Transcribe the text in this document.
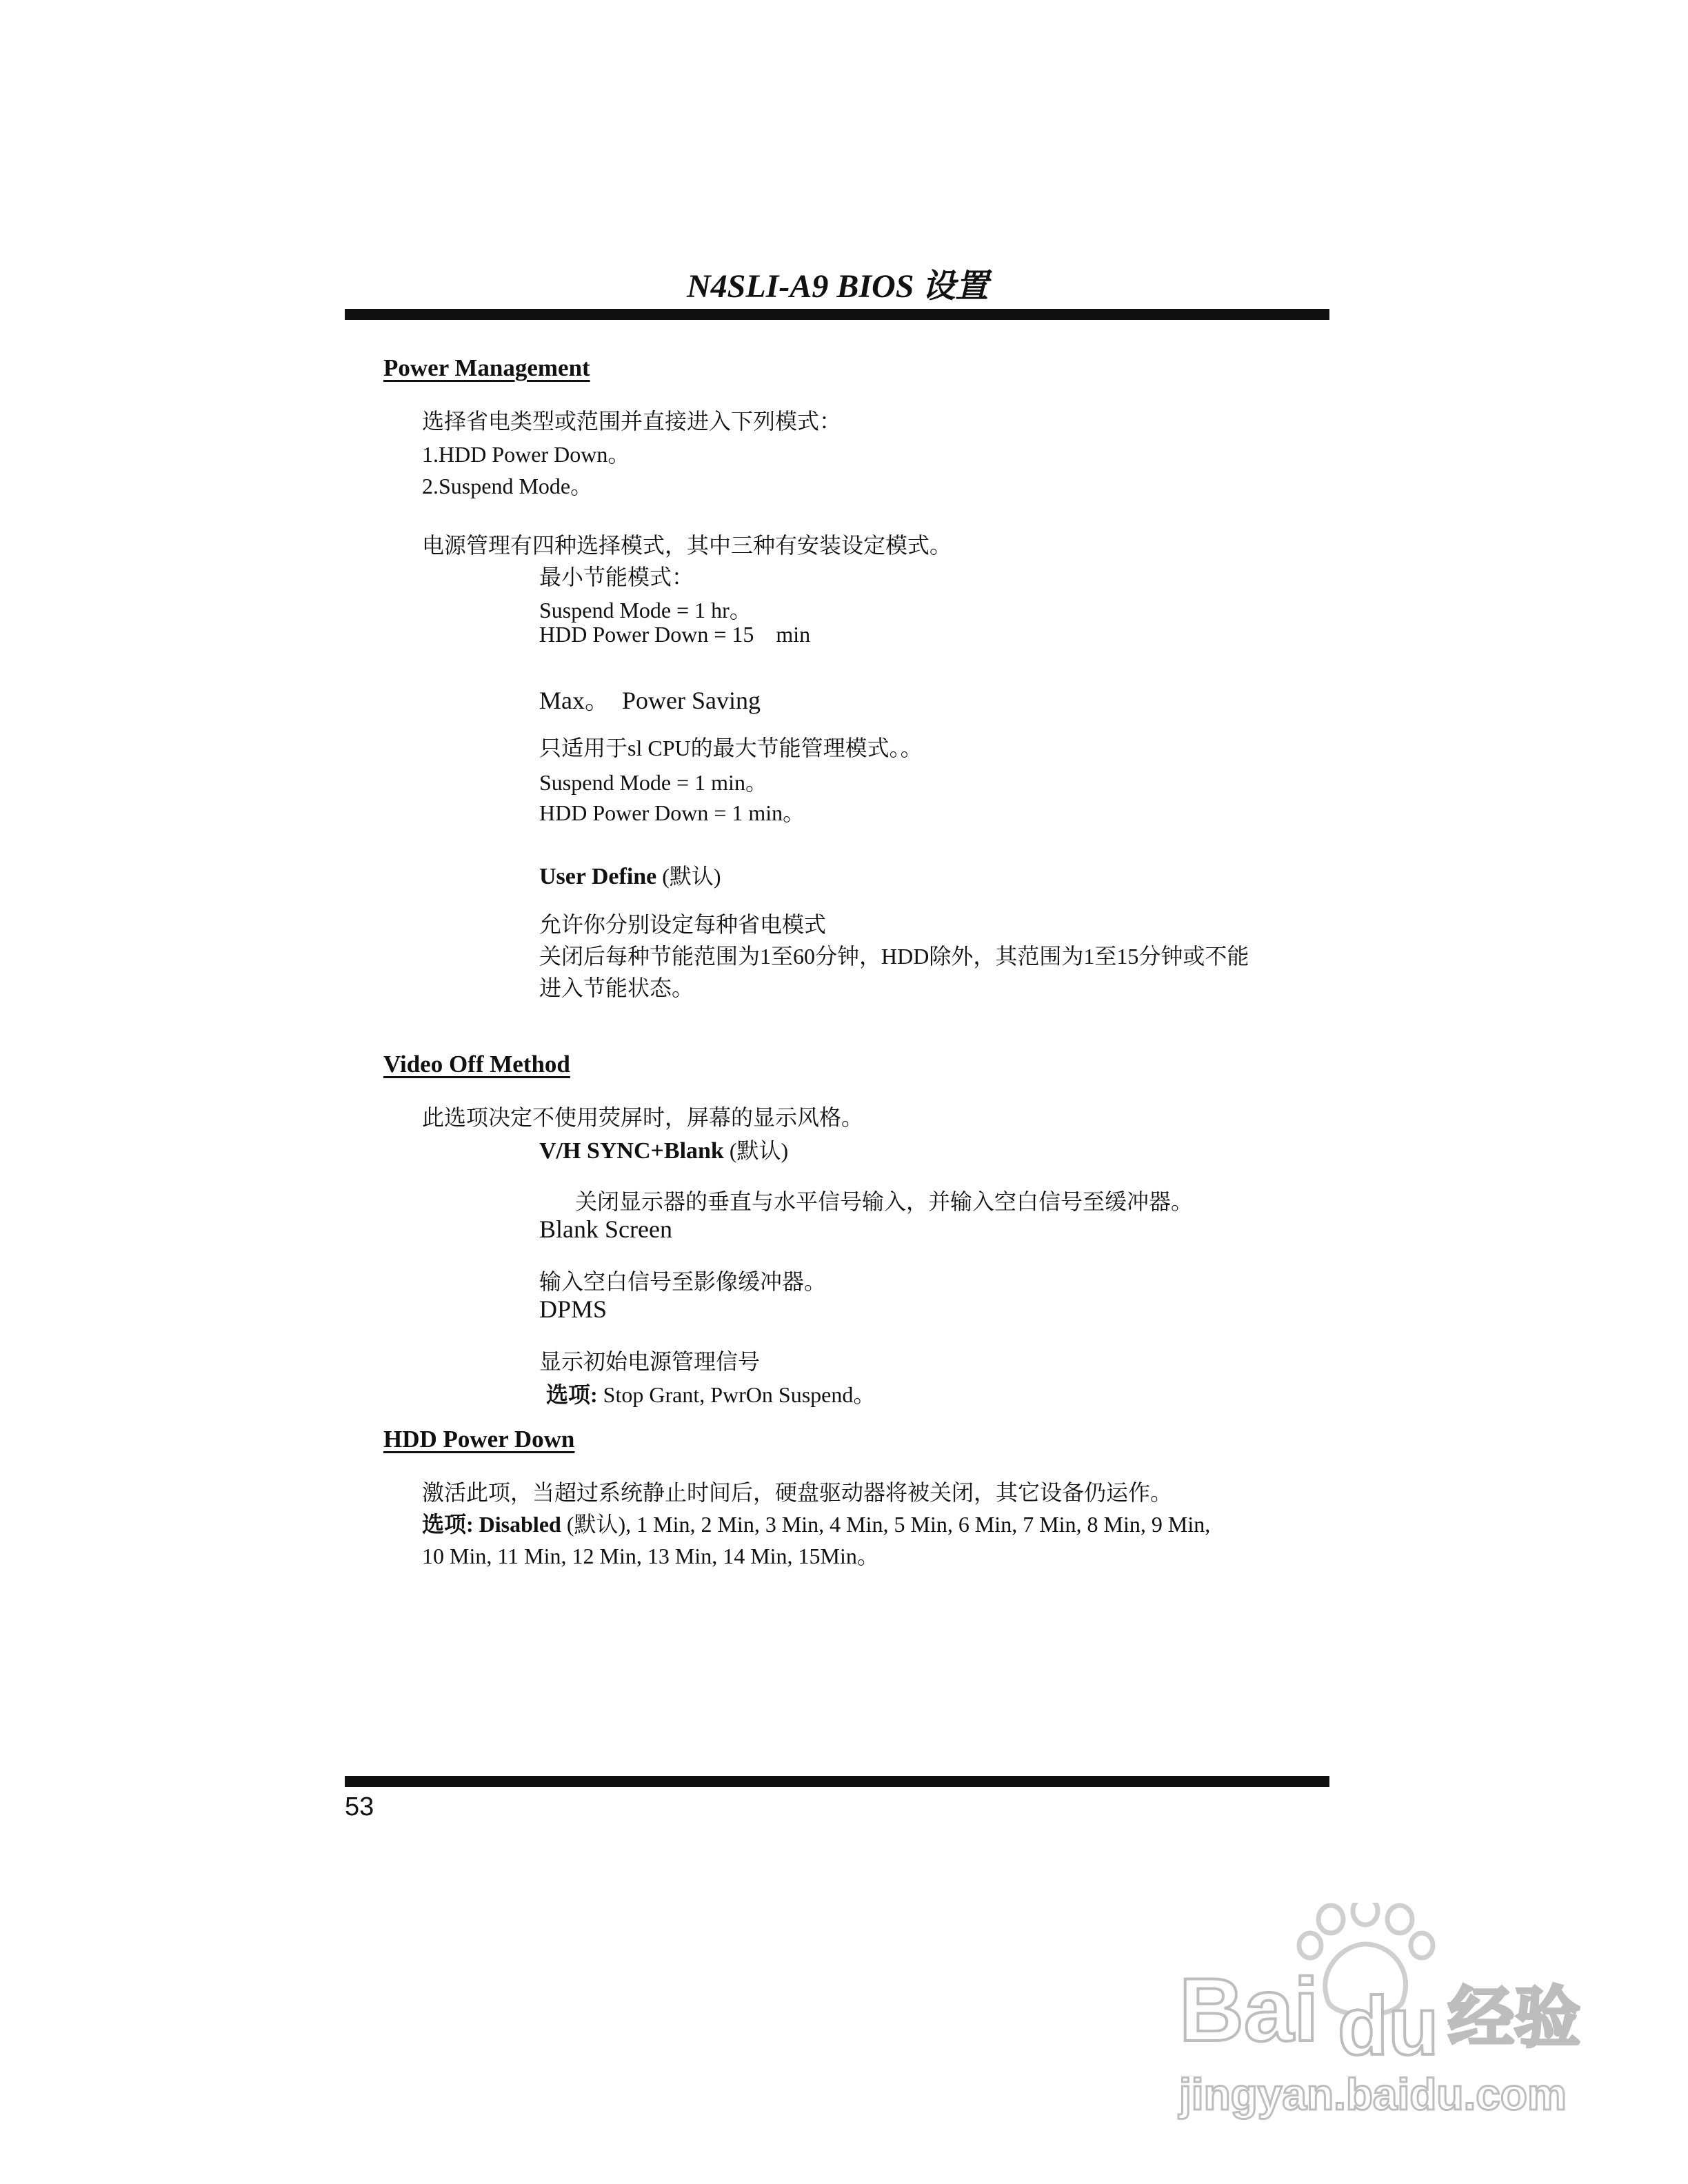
N4SLI-A9 BIOS 设置
Power Management
选择省电类型或范围并直接进入下列模式：
1.HDD Power Down。
2.Suspend Mode。
电源管理有四种选择模式，其中三种有安装设定模式。
最小节能模式：
Suspend Mode = 1 hr。
HDD Power Down = 15    min
Max。  Power Saving
只适用于sl CPU的最大节能管理模式。。
Suspend Mode = 1 min。
HDD Power Down = 1 min。
User Define (默认)
允许你分别设定每种省电模式
关闭后每种节能范围为1至60分钟，HDD除外，其范围为1至15分钟或不能
进入节能状态。
Video Off Method
此选项决定不使用荧屏时，屏幕的显示风格。
V/H SYNC+Blank (默认)
关闭显示器的垂直与水平信号输入，并输入空白信号至缓冲器。
Blank Screen
输入空白信号至影像缓冲器。
DPMS
显示初始电源管理信号
选项: Stop Grant, PwrOn Suspend。
HDD Power Down
激活此项，当超过系统静止时间后，硬盘驱动器将被关闭，其它设备仍运作。
选项: Disabled (默认), 1 Min, 2 Min, 3 Min, 4 Min, 5 Min, 6 Min, 7 Min, 8 Min, 9 Min,
10 Min, 11 Min, 12 Min, 13 Min, 14 Min, 15Min。
53
Bai du 经验
jingyan.baidu.com
